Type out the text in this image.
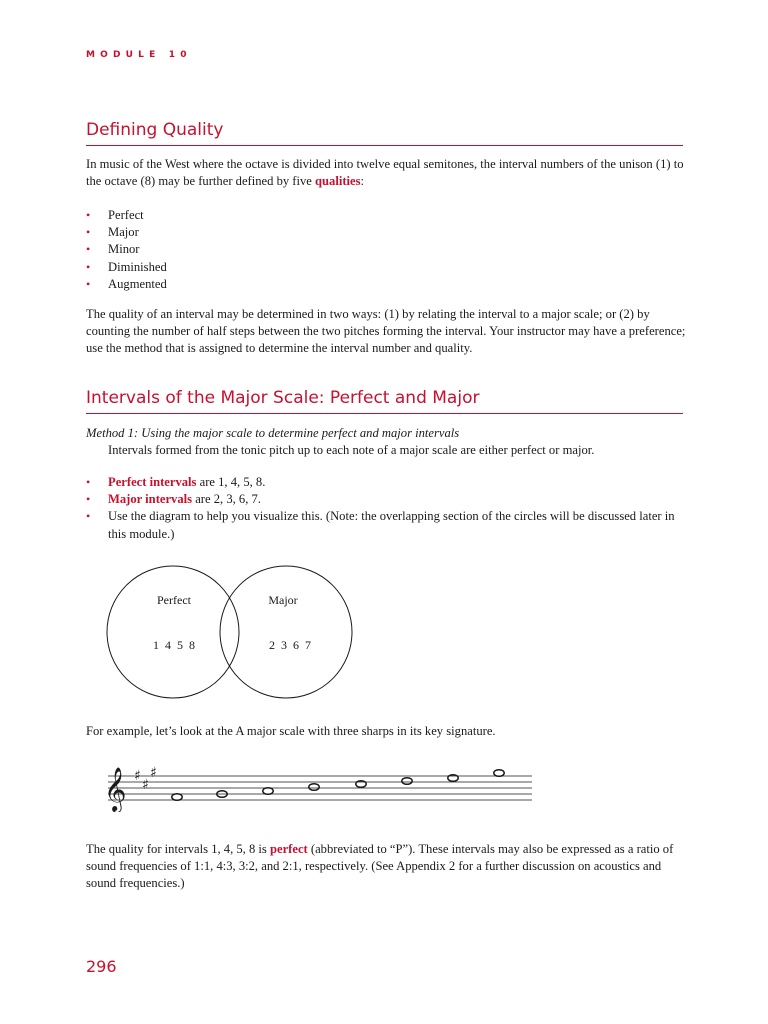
MODULE 10
Defining Quality
In music of the West where the octave is divided into twelve equal semitones, the interval numbers of the unison (1) to the octave (8) may be further defined by five qualities:
• Perfect
• Major
• Minor
• Diminished
• Augmented
The quality of an interval may be determined in two ways: (1) by relating the interval to a major scale; or (2) by counting the number of half steps between the two pitches forming the interval. Your instructor may have a preference; use the method that is assigned to determine the interval number and quality.
Intervals of the Major Scale: Perfect and Major
Method 1: Using the major scale to determine perfect and major intervals
Intervals formed from the tonic pitch up to each note of a major scale are either perfect or major.
• Perfect intervals are 1, 4, 5, 8.
• Major intervals are 2, 3, 6, 7.
• Use the diagram to help you visualize this. (Note: the overlapping section of the circles will be discussed later in this module.)
Perfect
1  4  5  8
Major
2  3  6  7
For example, let’s look at the A major scale with three sharps in its key signature.
𝄞 ♯
♯
♯
The quality for intervals 1, 4, 5, 8 is perfect (abbreviated to “P”). These intervals may also be expressed as a ratio of sound frequencies of 1:1, 4:3, 3:2, and 2:1, respectively. (See Appendix 2 for a further discussion on acoustics and sound frequencies.)
296
